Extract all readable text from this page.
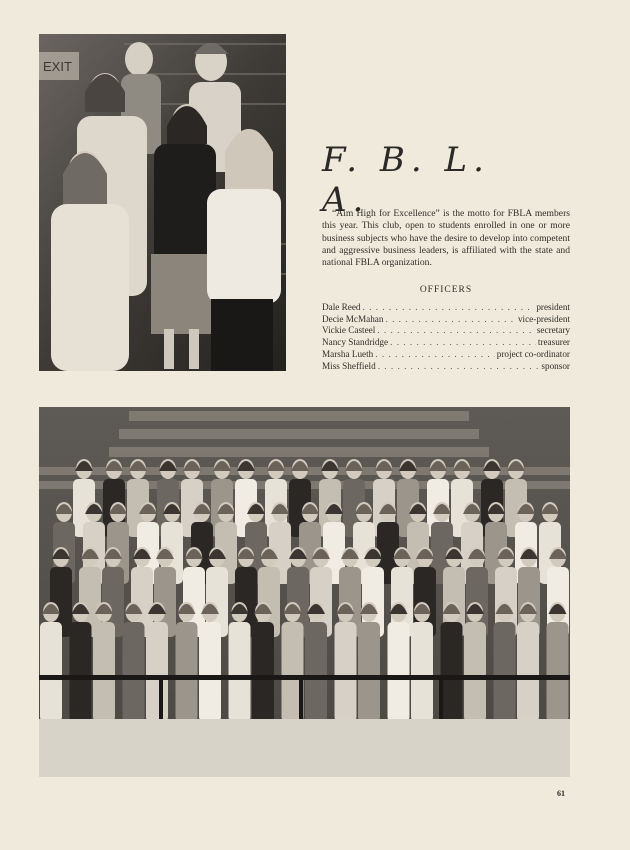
EXIT
F. B. L. A.

“Aim High for Excellence” is the motto for FBLA members this year. This club, open to students enrolled in one or more business subjects who have the desire to develop into competent and aggressive business leaders, is affiliated with the state and national FBLA organization.

OFFICERS
Dale Reed . . .	president
Decie McMahan . . .	vice-president
Vickie Casteel . . .	secretary
Nancy Standridge . . .	treasurer
Marsha Lueth . . .	project co-ordinator
Miss Sheffield . . .	sponsor
61
